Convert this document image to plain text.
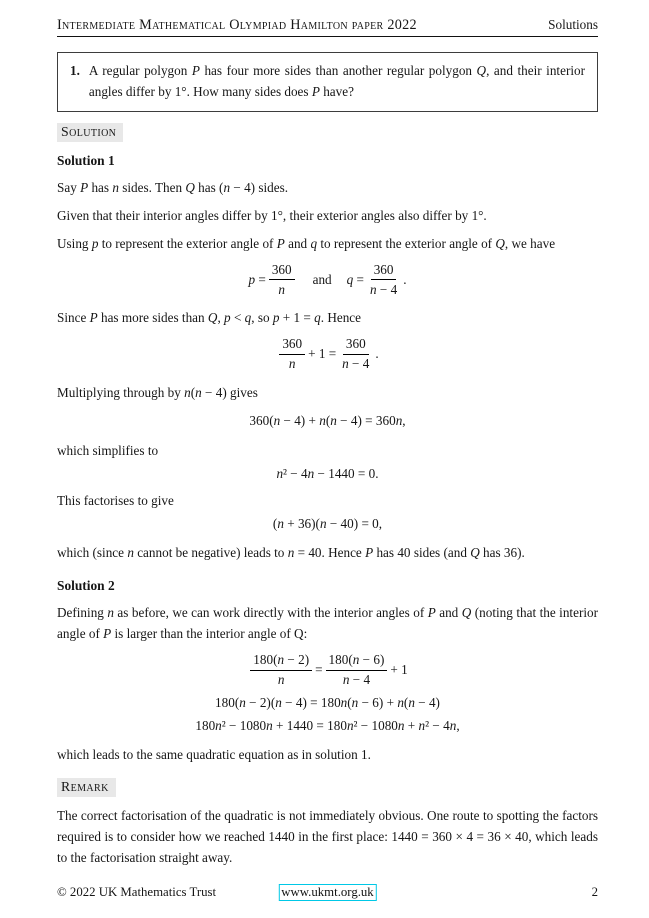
Intermediate Mathematical Olympiad Hamilton paper 2022	Solutions
1. A regular polygon P has four more sides than another regular polygon Q, and their interior angles differ by 1°. How many sides does P have?
Solution
Solution 1

Say P has n sides. Then Q has (n − 4) sides.

Given that their interior angles differ by 1°, their exterior angles also differ by 1°.

Using p to represent the exterior angle of P and q to represent the exterior angle of Q, we have

$p = \frac{360}{n}$	and	$q = \frac{360}{n - 4}$ .

Since P has more sides than Q, p < q, so p + 1 = q. Hence

$\frac{360}{n} + 1 = \frac{360}{n - 4}$ .

Multiplying through by n(n − 4) gives

360(n − 4) + n(n − 4) = 360n,

which simplifies to

n² − 4n − 1440 = 0.

This factorises to give

(n + 36)(n − 40) = 0,

which (since n cannot be negative) leads to n = 40. Hence P has 40 sides (and Q has 36).

Solution 2

Defining n as before, we can work directly with the interior angles of P and Q (noting that the interior angle of P is larger than the interior angle of Q:

$\frac{180(n - 2)}{n} = \frac{180(n - 6)}{n - 4} + 1$
180(n − 2)(n − 4) = 180n(n − 6) + n(n − 4)
180n² − 1080n + 1440 = 180n² − 1080n + n² − 4n,

which leads to the same quadratic equation as in solution 1.

Remark

The correct factorisation of the quadratic is not immediately obvious. One route to spotting the factors required is to consider how we reached 1440 in the first place: 1440 = 360 × 4 = 36 × 40, which leads to the factorisation straight away.

© 2022 UK Mathematics Trust	www.ukmt.org.uk	2
